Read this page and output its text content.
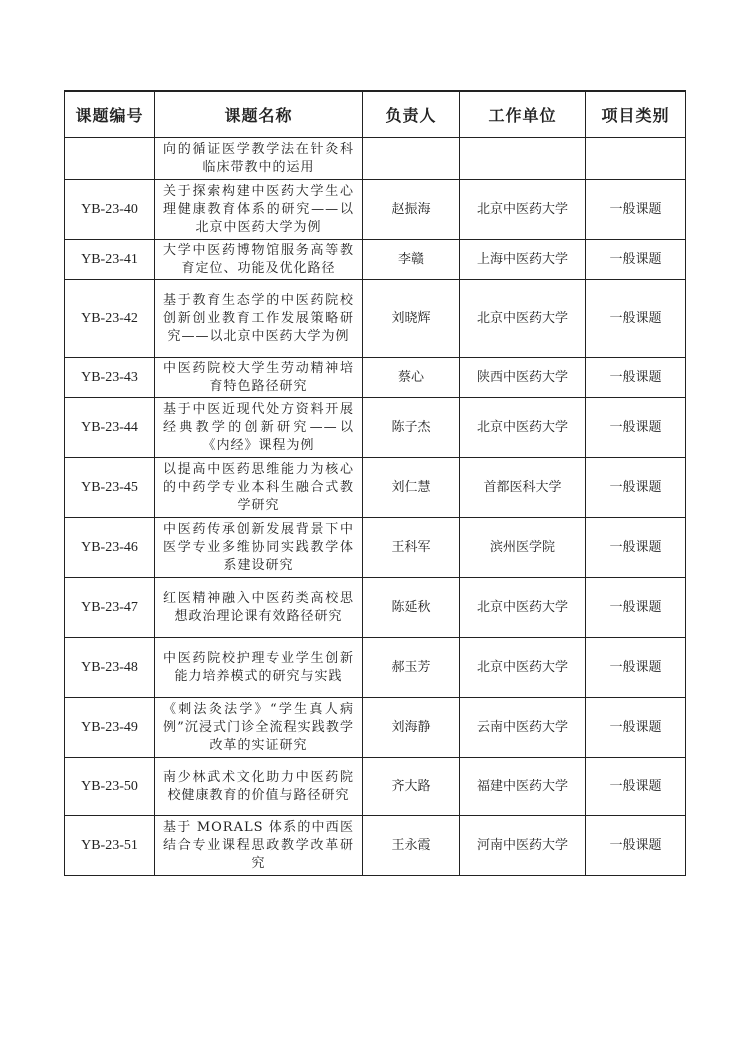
课题编号	课题名称	负责人	工作单位	项目类别
	向的循证医学教学法在针灸科临床带教中的运用			
YB-23-40	关于探索构建中医药大学生心理健康教育体系的研究——以北京中医药大学为例	赵振海	北京中医药大学	一般课题
YB-23-41	大学中医药博物馆服务高等教育定位、功能及优化路径	李赣	上海中医药大学	一般课题
YB-23-42	基于教育生态学的中医药院校创新创业教育工作发展策略研究——以北京中医药大学为例	刘晓辉	北京中医药大学	一般课题
YB-23-43	中医药院校大学生劳动精神培育特色路径研究	蔡心	陕西中医药大学	一般课题
YB-23-44	基于中医近现代处方资料开展经典教学的创新研究——以《内经》课程为例	陈子杰	北京中医药大学	一般课题
YB-23-45	以提高中医药思维能力为核心的中药学专业本科生融合式教学研究	刘仁慧	首都医科大学	一般课题
YB-23-46	中医药传承创新发展背景下中医学专业多维协同实践教学体系建设研究	王科军	滨州医学院	一般课题
YB-23-47	红医精神融入中医药类高校思想政治理论课有效路径研究	陈延秋	北京中医药大学	一般课题
YB-23-48	中医药院校护理专业学生创新能力培养模式的研究与实践	郝玉芳	北京中医药大学	一般课题
YB-23-49	《刺法灸法学》“学生真人病例”沉浸式门诊全流程实践教学改革的实证研究	刘海静	云南中医药大学	一般课题
YB-23-50	南少林武术文化助力中医药院校健康教育的价值与路径研究	齐大路	福建中医药大学	一般课题
YB-23-51	基于 MORALS 体系的中西医结合专业课程思政教学改革研究	王永霞	河南中医药大学	一般课题
